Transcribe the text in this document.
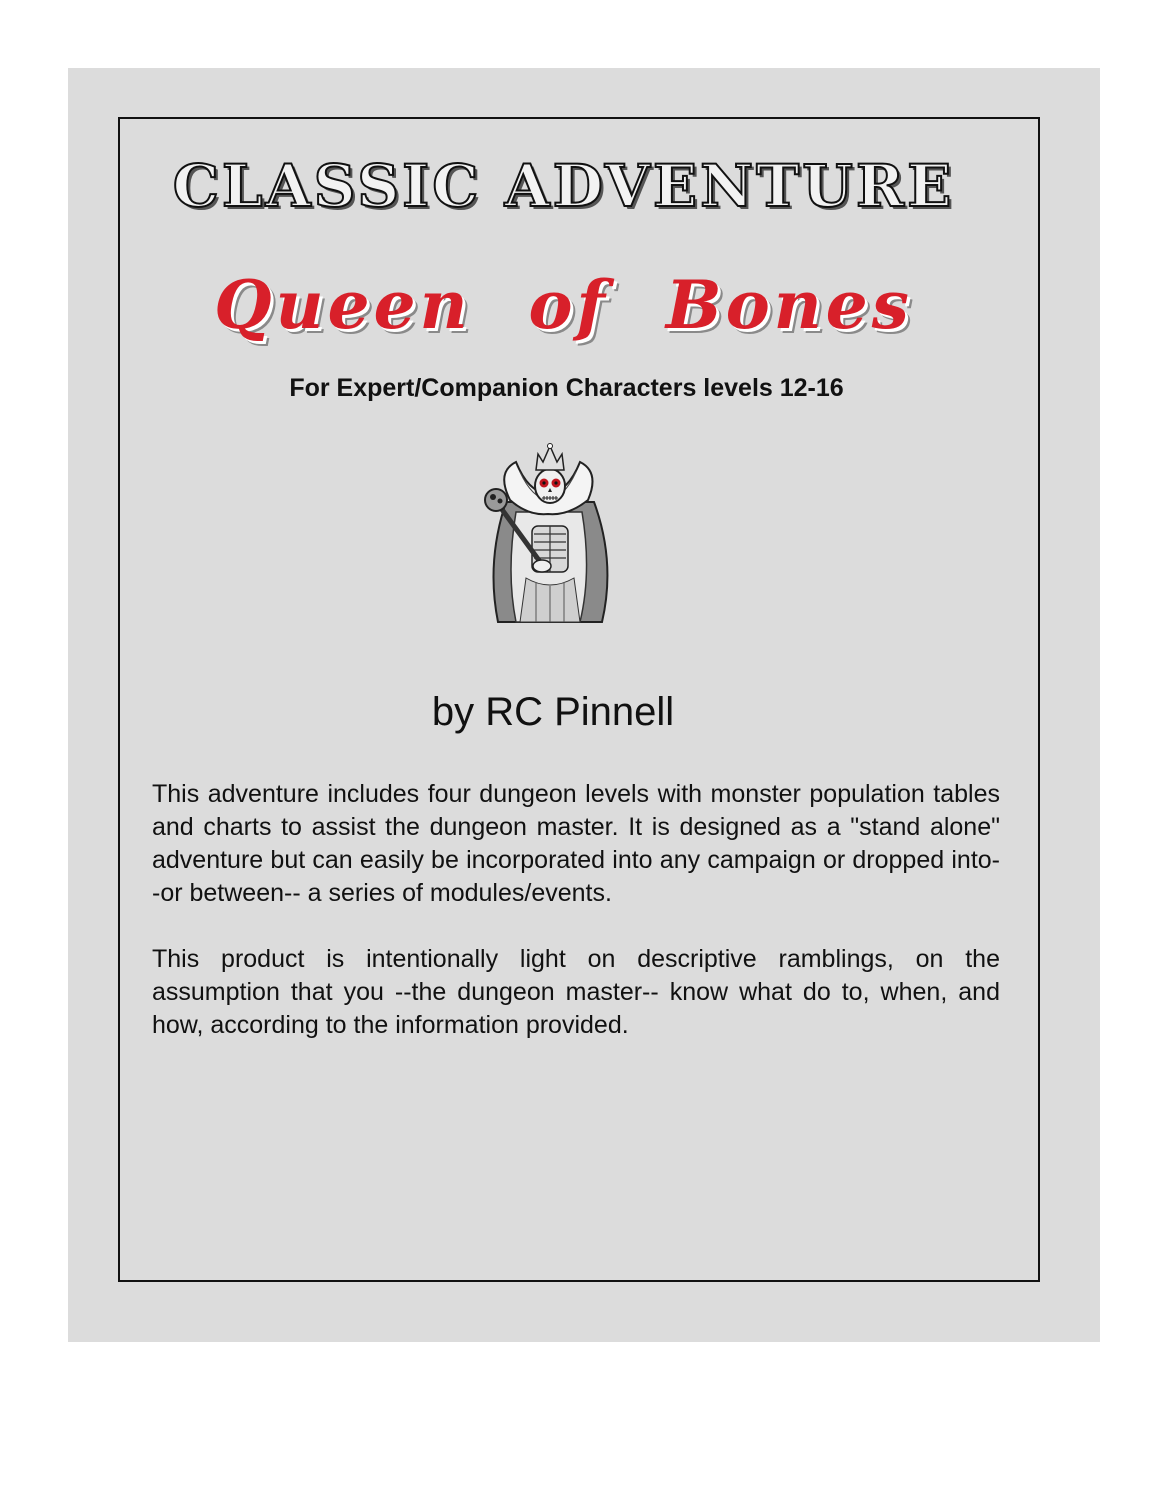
CLASSIC ADVENTURE
Queen of Bones
For Expert/Companion Characters levels 12-16
by RC Pinnell

This adventure includes four dungeon levels with monster population tables and charts to assist the dungeon master. It is designed as a "stand alone" adventure but can easily be incorporated into any campaign or dropped into--or between-- a series of modules/events.

This product is intentionally light on descriptive ramblings, on the assumption that you --the dungeon master-- know what do to, when, and how, according to the information provided.
